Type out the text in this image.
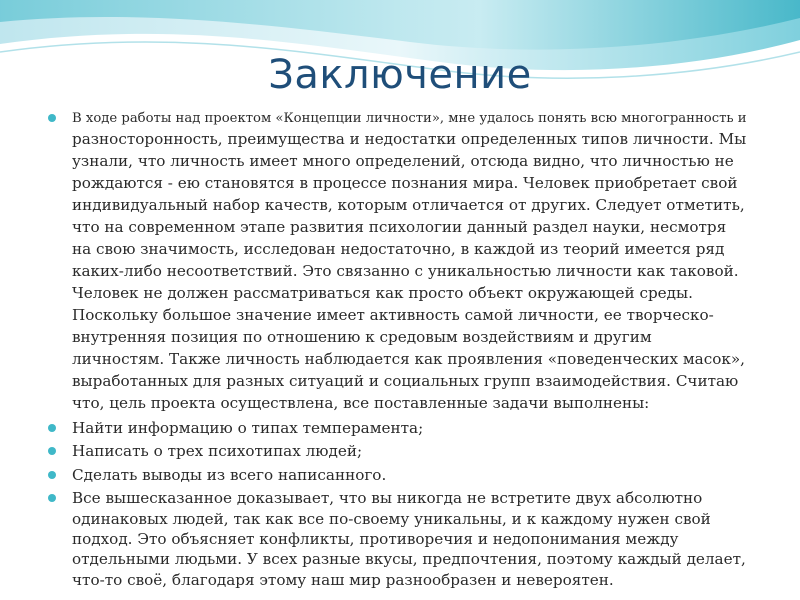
Заключение
В ходе работы над проектом «Концепции личности», мне удалось понять всю многогранность и
разносторонность, преимущества и недостатки определенных типов личности. Мы узнали, что личность имеет много определений, отсюда видно, что личностью не рождаются - ею становятся в процессе познания мира. Человек приобретает свой индивидуальный набор качеств, которым отличается от других. Следует отметить, что на современном этапе развития психологии данный раздел науки, несмотря на свою значимость, исследован недостаточно, в каждой из теорий имеется ряд каких-либо несоответствий. Это связанно с уникальностью личности как таковой. Человек не должен рассматриваться как просто объект окружающей среды. Поскольку большое значение имеет активность самой личности, ее творческо-внутренняя позиция по отношению к средовым воздействиям и другим личностям. Также личность наблюдается как проявления «поведенческих масок», выработанных для разных ситуаций и социальных групп взаимодействия. Считаю что, цель проекта осуществлена, все поставленные задачи выполнены:
Найти информацию о типах темперамента;
Написать о трех психотипах людей;
Сделать выводы из всего написанного.
Все вышесказанное доказывает, что вы никогда не встретите двух абсолютно одинаковых людей, так как все по-своему уникальны, и к каждому нужен свой подход. Это объясняет конфликты, противоречия и недопонимания между отдельными людьми. У всех разные вкусы, предпочтения, поэтому каждый делает, что-то своё, благодаря этому наш мир разнообразен и невероятен.
